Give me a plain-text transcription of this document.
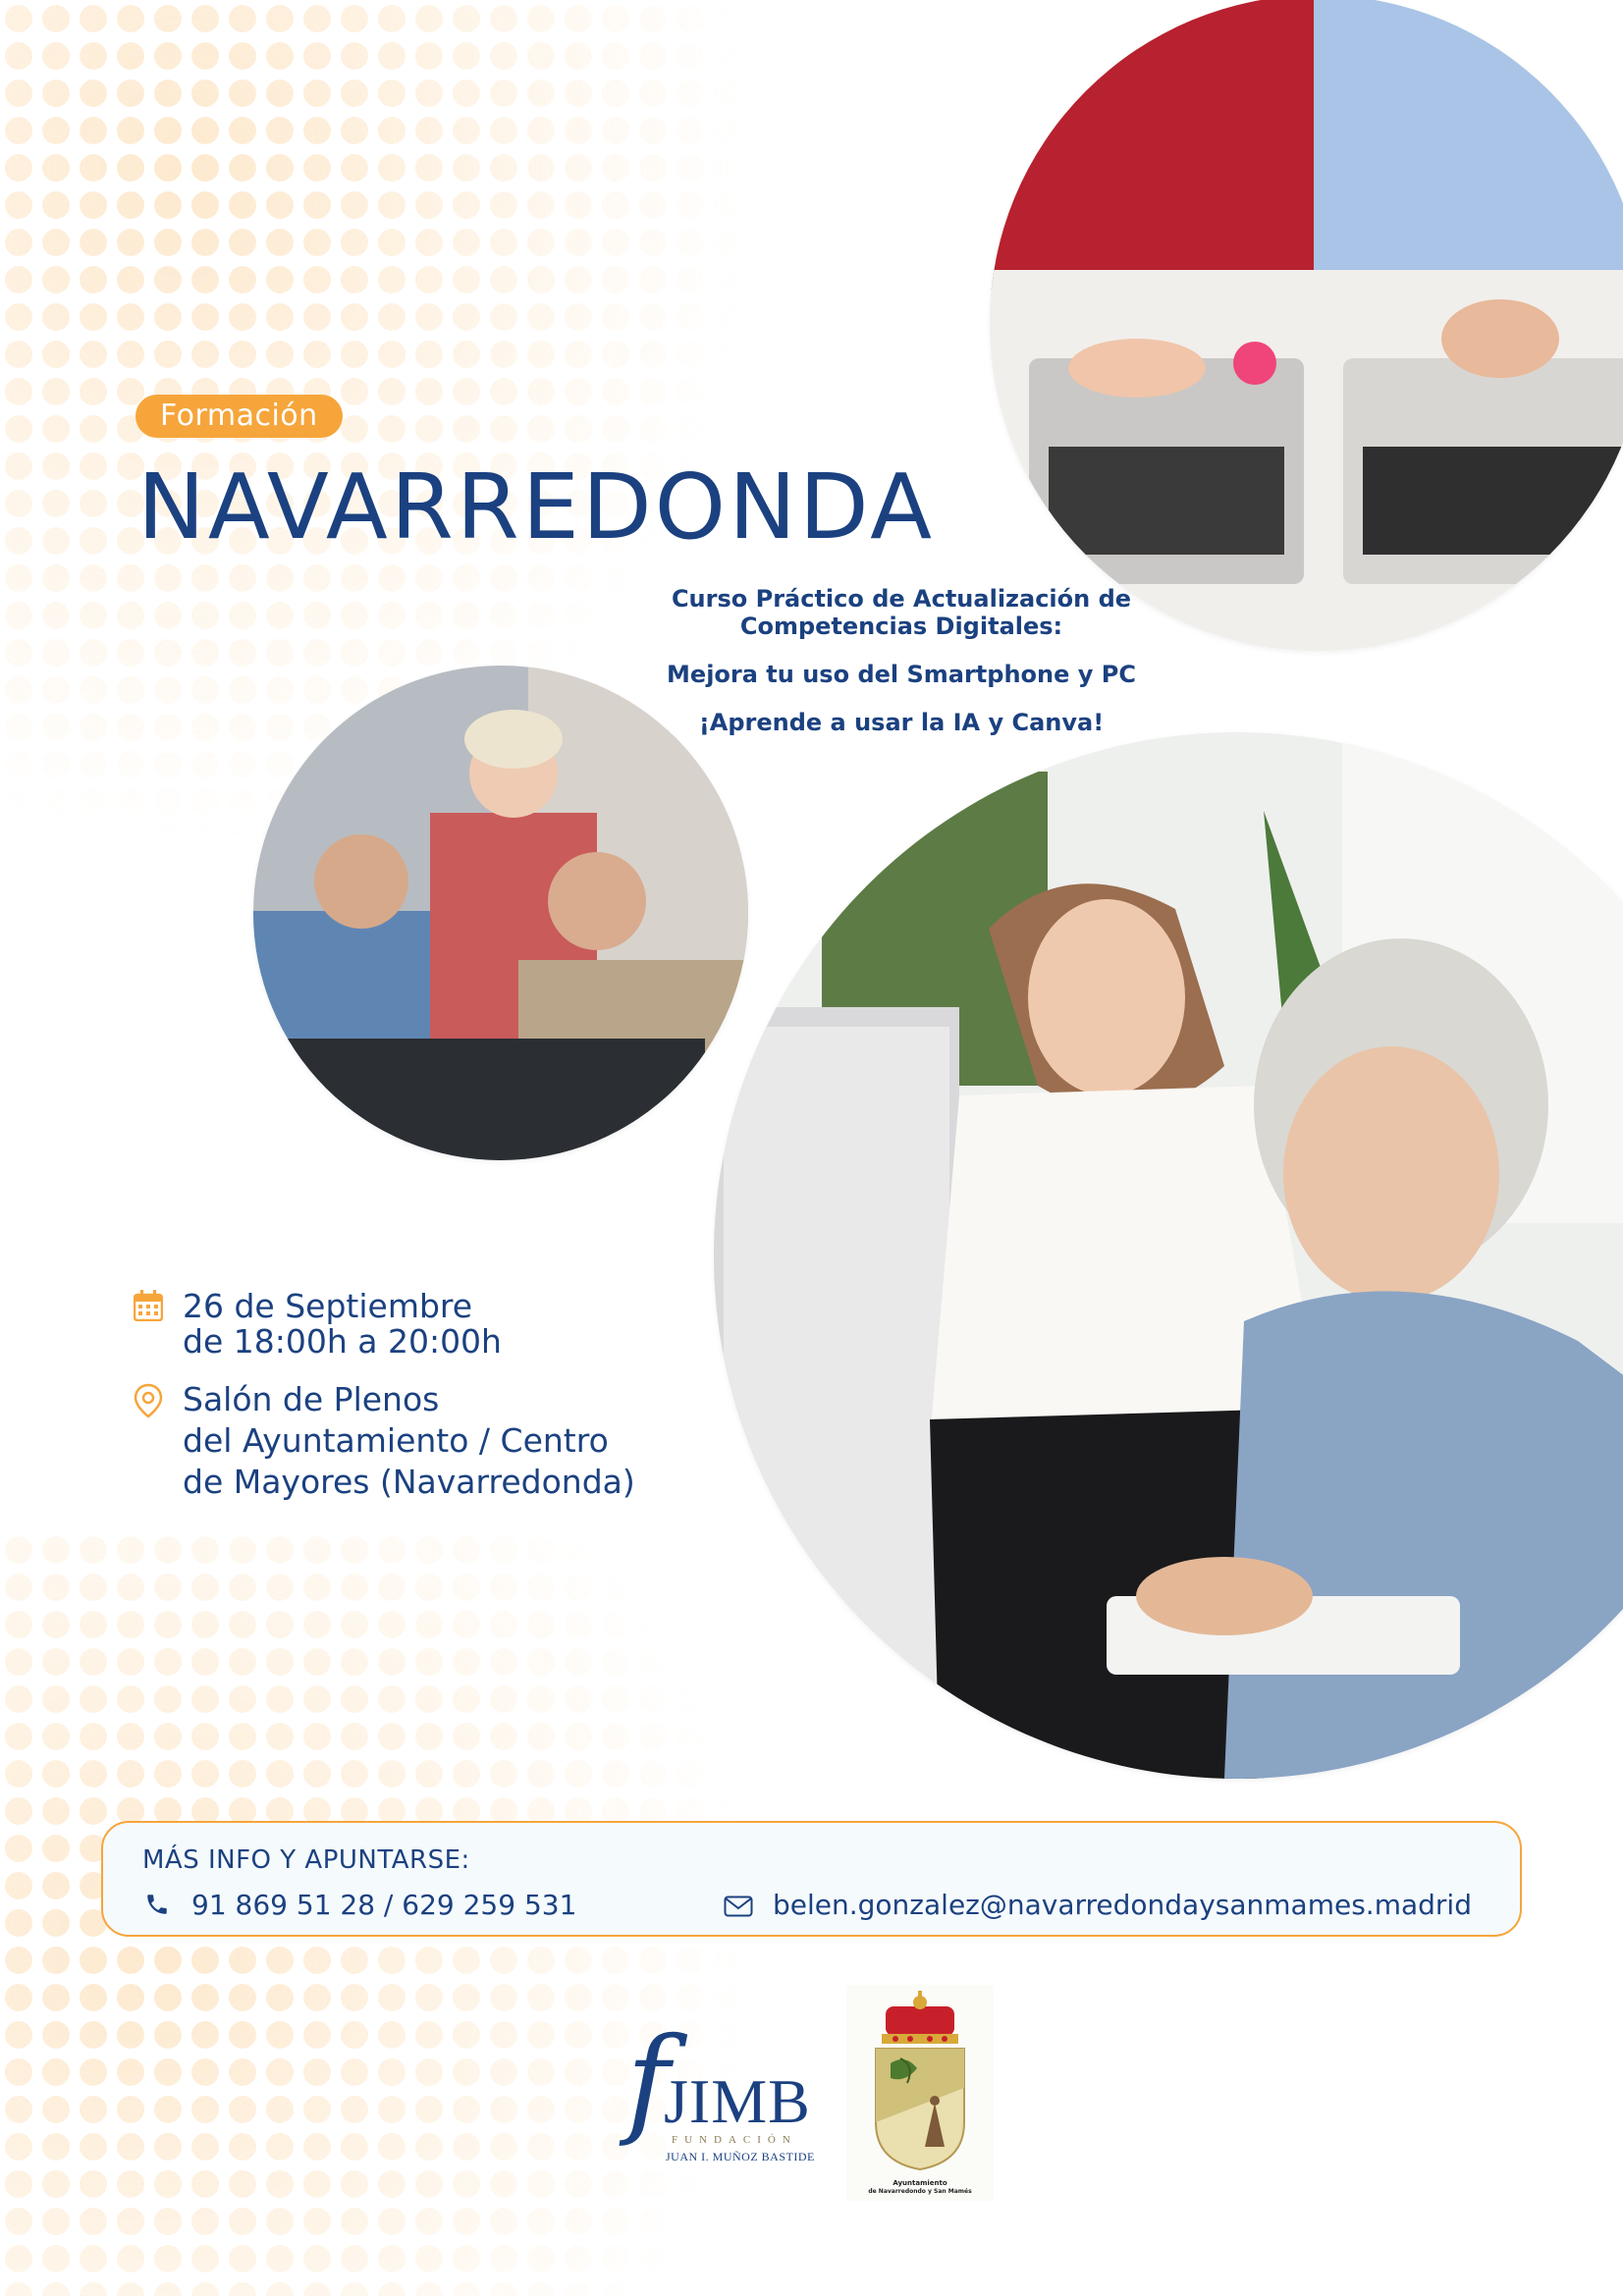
Formación
NAVARREDONDA
Curso Práctico de Actualización de
Competencias Digitales:
Mejora tu uso del Smartphone y PC
¡Aprende a usar la IA y Canva!
26 de Septiembre
de 18:00h a 20:00h
Salón de Plenos
del Ayuntamiento / Centro
de Mayores (Navarredonda)
MÁS INFO Y APUNTARSE:
91 869 51 28 / 629 259 531	belen.gonzalez@navarredondaysanmames.madrid
f
JIMB
FUNDACIÓN
JUAN I. MUÑOZ BASTIDE
Ayuntamiento
de Navarredondo y San Mamés
